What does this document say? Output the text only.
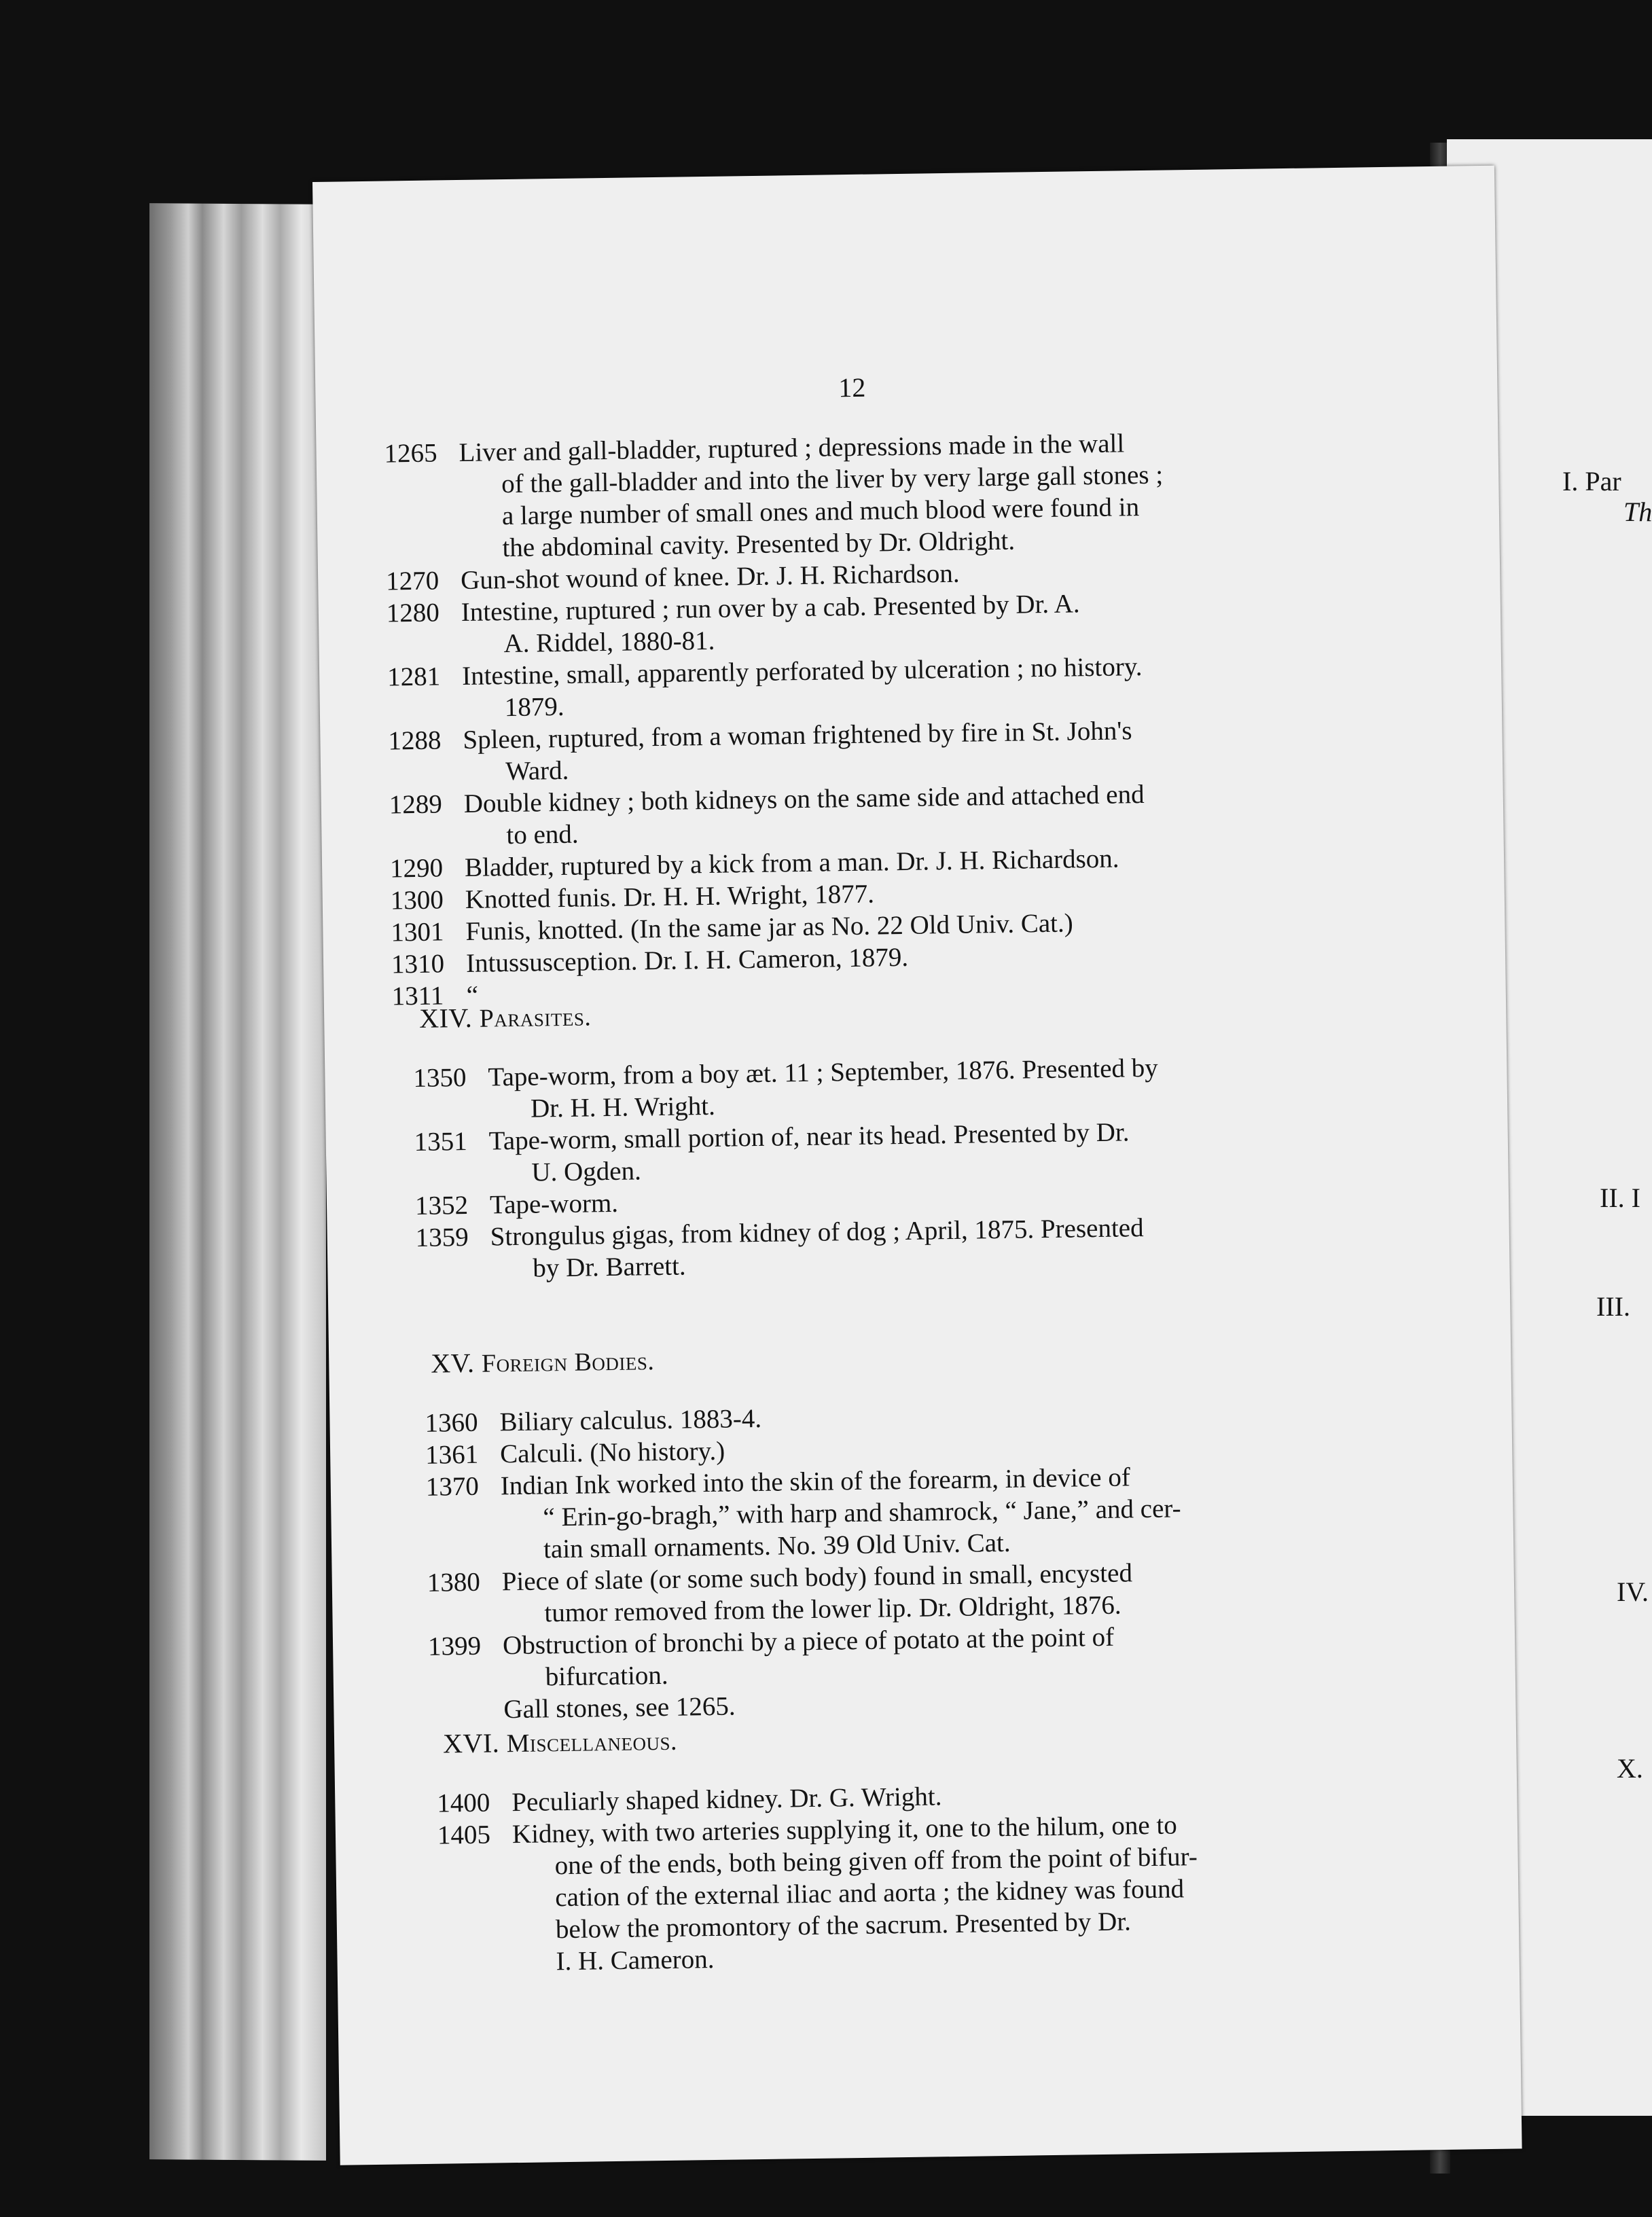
I. Par
Th
II. I
III.
IV.
X.
12
1265 Liver and gall-bladder, ruptured ; depressions made in the wall
of the gall-bladder and into the liver by very large gall stones ;
a large number of small ones and much blood were found in
the abdominal cavity. Presented by Dr. Oldright.
1270 Gun-shot wound of knee. Dr. J. H. Richardson.
1280 Intestine, ruptured ; run over by a cab. Presented by Dr. A.
A. Riddel, 1880-81.
1281 Intestine, small, apparently perforated by ulceration ; no history.
1879.
1288 Spleen, ruptured, from a woman frightened by fire in St. John's
Ward.
1289 Double kidney ; both kidneys on the same side and attached end
to end.
1290 Bladder, ruptured by a kick from a man. Dr. J. H. Richardson.
1300 Knotted funis. Dr. H. H. Wright, 1877.
1301 Funis, knotted. (In the same jar as No. 22 Old Univ. Cat.)
1310 Intussusception. Dr. I. H. Cameron, 1879.
1311 “
XIV. Parasites.
1350 Tape-worm, from a boy æt. 11 ; September, 1876. Presented by
Dr. H. H. Wright.
1351 Tape-worm, small portion of, near its head. Presented by Dr.
U. Ogden.
1352 Tape-worm.
1359 Strongulus gigas, from kidney of dog ; April, 1875. Presented
by Dr. Barrett.
XV. Foreign Bodies.
1360 Biliary calculus. 1883-4.
1361 Calculi. (No history.)
1370 Indian Ink worked into the skin of the forearm, in device of
“ Erin-go-bragh,” with harp and shamrock, “ Jane,” and cer-
tain small ornaments. No. 39 Old Univ. Cat.
1380 Piece of slate (or some such body) found in small, encysted
tumor removed from the lower lip. Dr. Oldright, 1876.
1399 Obstruction of bronchi by a piece of potato at the point of
bifurcation.
Gall stones, see 1265.
XVI. Miscellaneous.
1400 Peculiarly shaped kidney. Dr. G. Wright.
1405 Kidney, with two arteries supplying it, one to the hilum, one to
one of the ends, both being given off from the point of bifur-
cation of the external iliac and aorta ; the kidney was found
below the promontory of the sacrum. Presented by Dr.
I. H. Cameron.
